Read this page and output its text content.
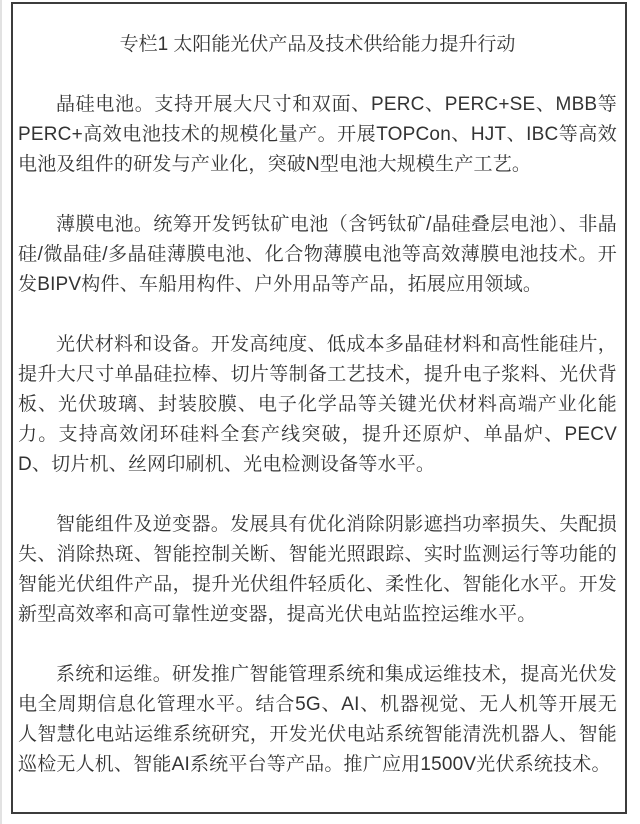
专栏1 太阳能光伏产品及技术供给能力提升行动

晶硅电池。支持开展大尺寸和双面、PERC、PERC+SE、MBB等PERC+高效电池技术的规模化量产。开展TOPCon、HJT、IBC等高效电池及组件的研发与产业化，突破N型电池大规模生产工艺。

薄膜电池。统筹开发钙钛矿电池（含钙钛矿/晶硅叠层电池）、非晶硅/微晶硅/多晶硅薄膜电池、化合物薄膜电池等高效薄膜电池技术。开发BIPV构件、车船用构件、户外用品等产品，拓展应用领域。

光伏材料和设备。开发高纯度、低成本多晶硅材料和高性能硅片，提升大尺寸单晶硅拉棒、切片等制备工艺技术，提升电子浆料、光伏背板、光伏玻璃、封装胶膜、电子化学品等关键光伏材料高端产业化能力。支持高效闭环硅料全套产线突破，提升还原炉、单晶炉、PECVD、切片机、丝网印刷机、光电检测设备等水平。

智能组件及逆变器。发展具有优化消除阴影遮挡功率损失、失配损失、消除热斑、智能控制关断、智能光照跟踪、实时监测运行等功能的智能光伏组件产品，提升光伏组件轻质化、柔性化、智能化水平。开发新型高效率和高可靠性逆变器，提高光伏电站监控运维水平。

系统和运维。研发推广智能管理系统和集成运维技术，提高光伏发电全周期信息化管理水平。结合5G、AI、机器视觉、无人机等开展无人智慧化电站运维系统研究，开发光伏电站系统智能清洗机器人、智能巡检无人机、智能AI系统平台等产品。推广应用1500V光伏系统技术。
